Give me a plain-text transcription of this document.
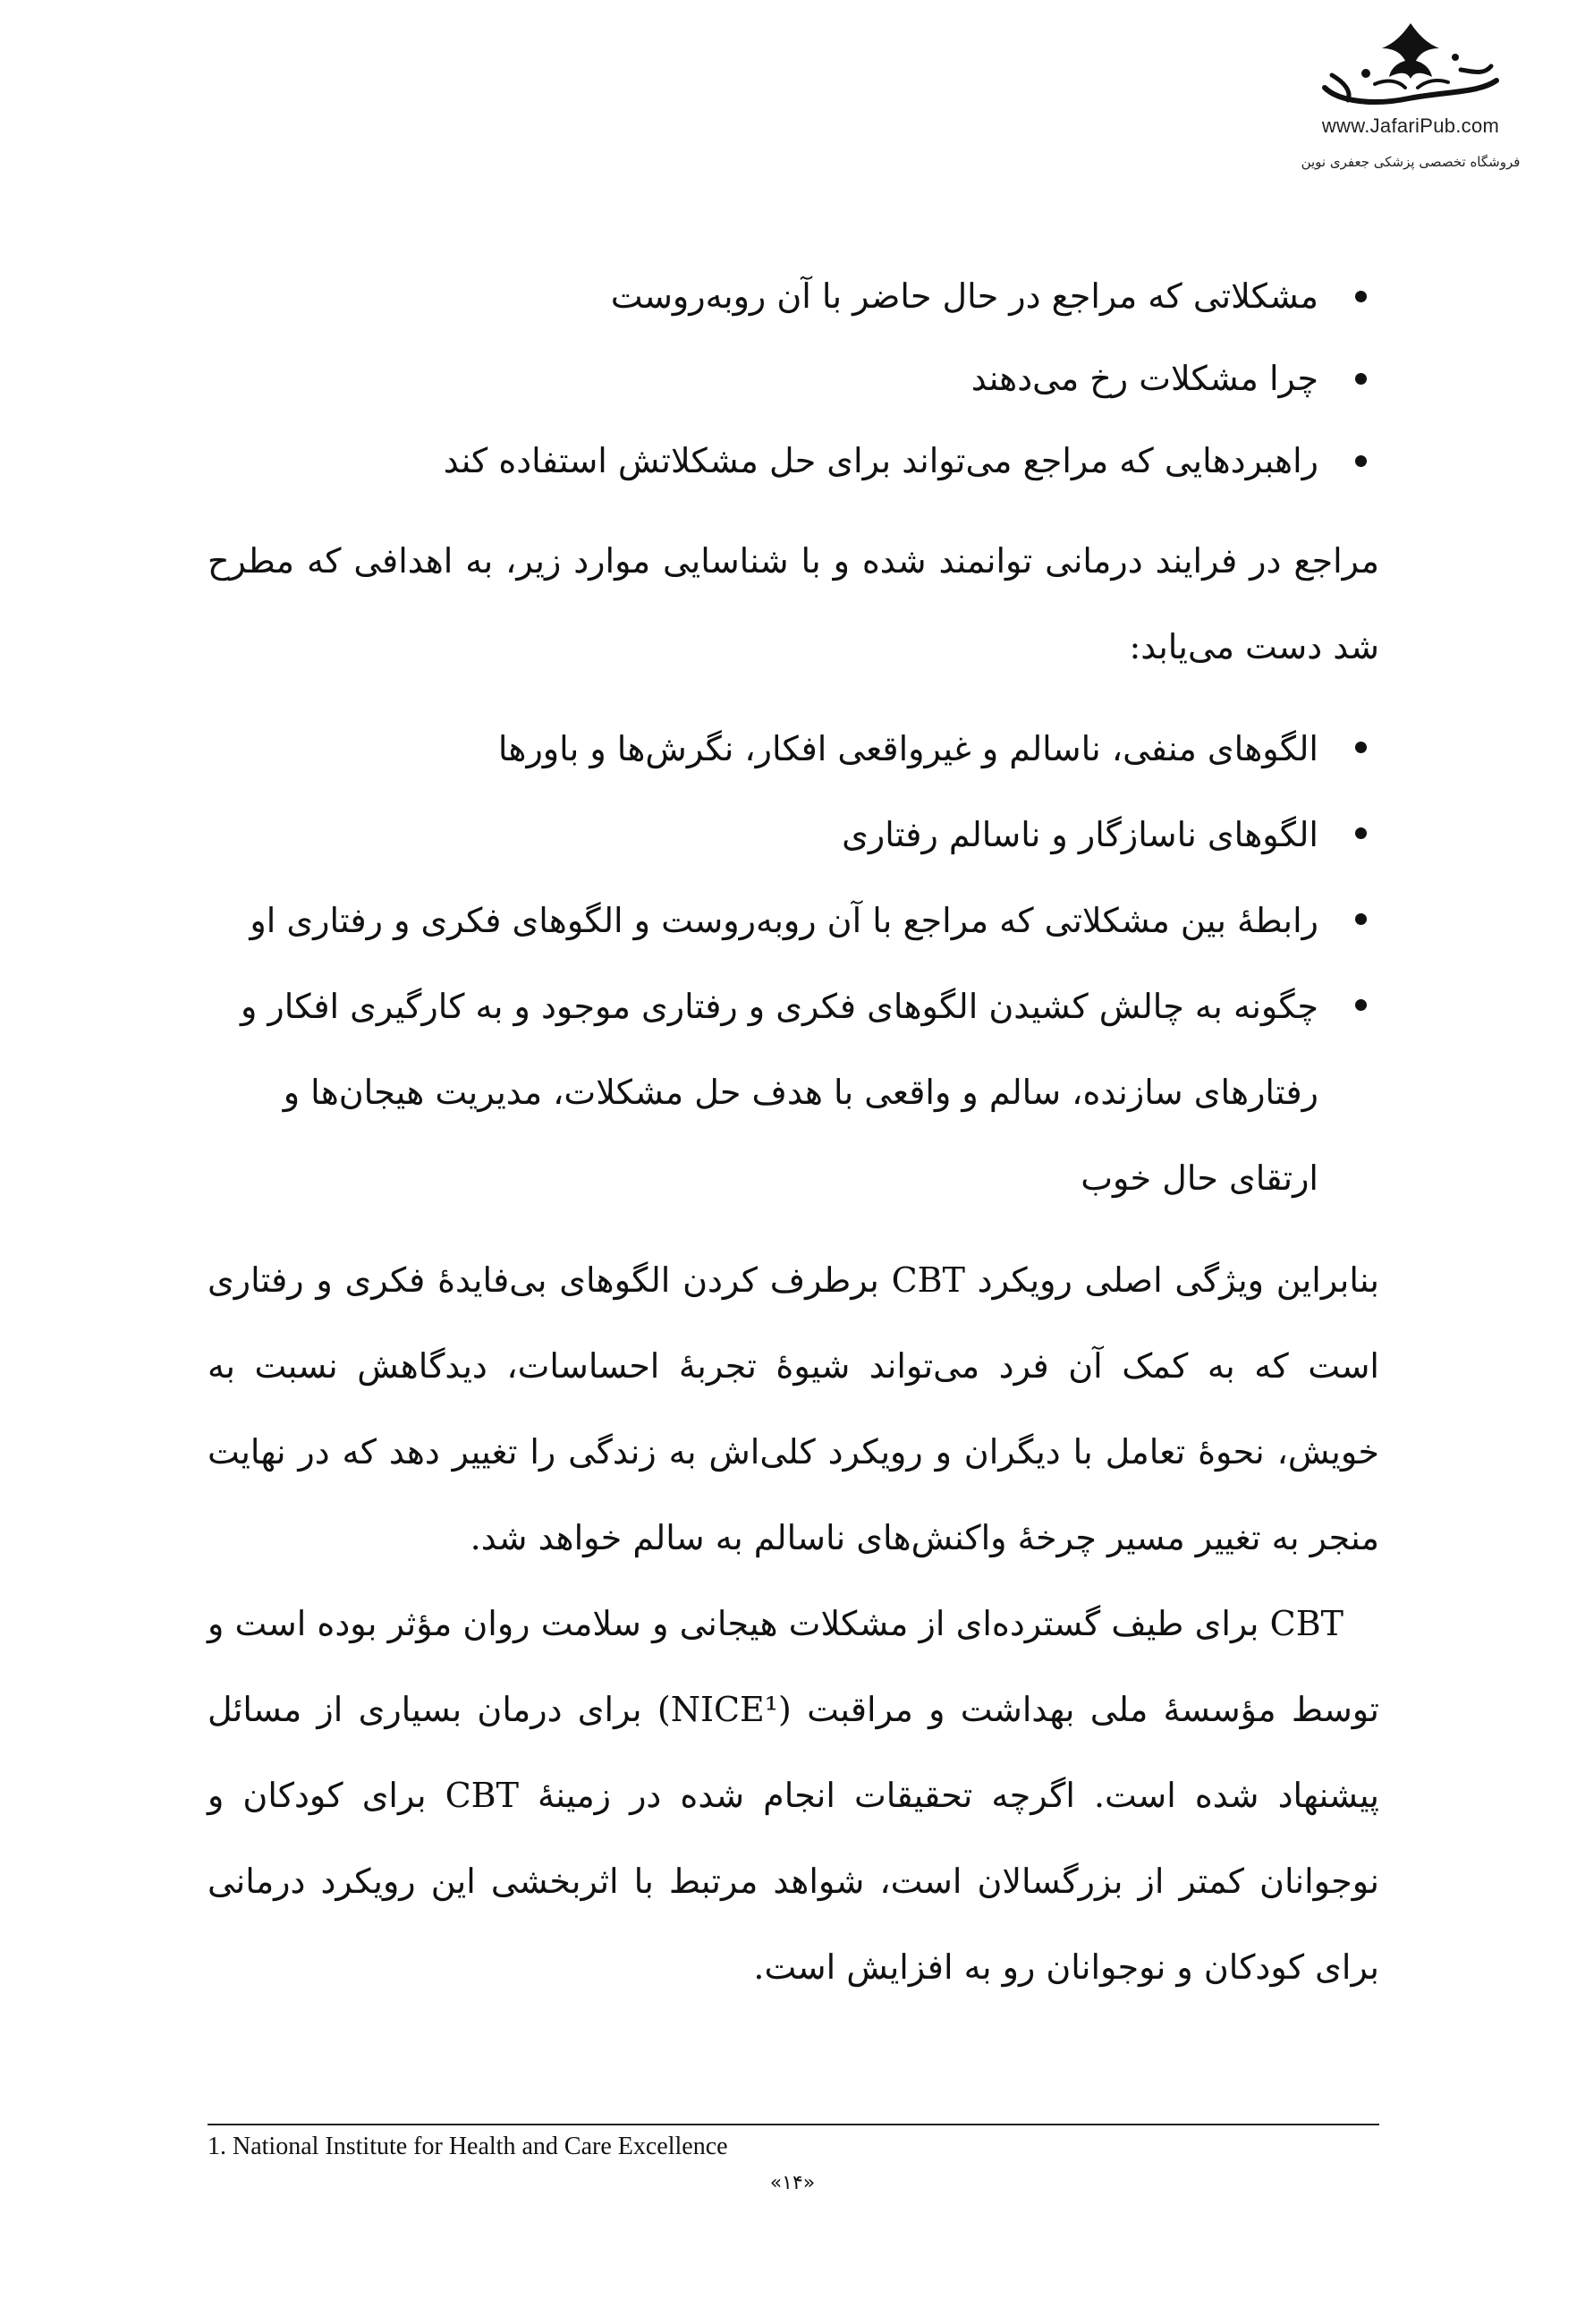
www.JafariPub.com
فروشگاه تخصصی پزشکی جعفری نوین
مشکلاتی که مراجع در حال حاضر با آن روبه‌روست
چرا مشکلات رخ می‌دهند
راهبردهایی که مراجع می‌تواند برای حل مشکلاتش استفاده کند

مراجع در فرایند درمانی توانمند شده و با شناسایی موارد زیر، به اهدافی که مطرح شد دست می‌یابد:

الگوهای منفی، ناسالم و غیرواقعی افکار، نگرش‌ها و باورها
الگوهای ناسازگار و ناسالم رفتاری
رابطهٔ بین مشکلاتی که مراجع با آن روبه‌روست و الگوهای فکری و رفتاری او
چگونه به چالش کشیدن الگوهای فکری و رفتاری موجود و به کارگیری افکار و رفتارهای سازنده، سالم و واقعی با هدف حل مشکلات، مدیریت هیجان‌ها و ارتقای حال خوب

بنابراین ویژگی اصلی رویکرد CBT برطرف کردن الگوهای بی‌فایدهٔ فکری و رفتاری است که به کمک آن فرد می‌تواند شیوهٔ تجربهٔ احساسات، دیدگاهش نسبت به خویش، نحوهٔ تعامل با دیگران و رویکرد کلی‌اش به زندگی را تغییر دهد که در نهایت منجر به تغییر مسیر چرخهٔ واکنش‌های ناسالم به سالم خواهد شد.

CBT برای طیف گسترده‌ای از مشکلات هیجانی و سلامت روان مؤثر بوده است و توسط مؤسسهٔ ملی بهداشت و مراقبت (NICE¹) برای درمان بسیاری از مسائل پیشنهاد شده است. اگرچه تحقیقات انجام شده در زمینهٔ CBT برای کودکان و نوجوانان کمتر از بزرگسالان است، شواهد مرتبط با اثربخشی این رویکرد درمانی برای کودکان و نوجوانان رو به افزایش است.

1. National Institute for Health and Care Excellence
«۱۴»
